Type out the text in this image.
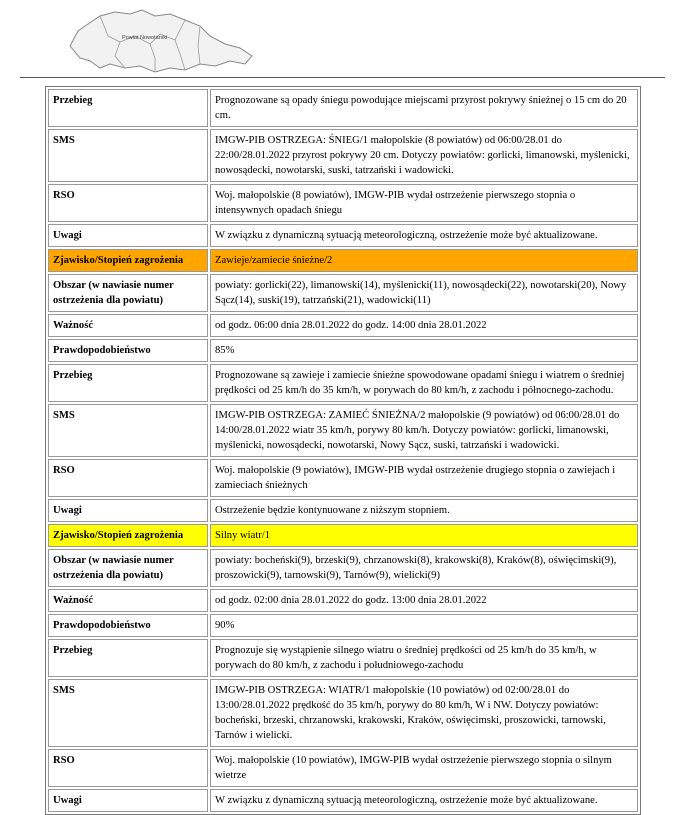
Powiat Nowotarski
Przebieg	Prognozowane są opady śniegu powodujące miejscami przyrost pokrywy śnieżnej o 15 cm do 20 cm.
SMS	IMGW-PIB OSTRZEGA: ŚNIEG/1 małopolskie (8 powiatów) od 06:00/28.01 do 22:00/28.01.2022 przyrost pokrywy 20 cm. Dotyczy powiatów: gorlicki, limanowski, myślenicki, nowosądecki, nowotarski, suski, tatrzański i wadowicki.
RSO	Woj. małopolskie (8 powiatów), IMGW-PIB wydał ostrzeżenie pierwszego stopnia o intensywnych opadach śniegu
Uwagi	W związku z dynamiczną sytuacją meteorologiczną, ostrzeżenie może być aktualizowane.
Zjawisko/Stopień zagrożenia	Zawieje/zamiecie śnieżne/2
Obszar (w nawiasie numer ostrzeżenia dla powiatu)	powiaty: gorlicki(22), limanowski(14), myślenicki(11), nowosądecki(22), nowotarski(20), Nowy Sącz(14), suski(19), tatrzański(21), wadowicki(11)
Ważność	od godz. 06:00 dnia 28.01.2022 do godz. 14:00 dnia 28.01.2022
Prawdopodobieństwo	85%
Przebieg	Prognozowane są zawieje i zamiecie śnieżne spowodowane opadami śniegu i wiatrem o średniej prędkości od 25 km/h do 35 km/h, w porywach do 80 km/h, z zachodu i północnego-zachodu.
SMS	IMGW-PIB OSTRZEGA: ZAMIEĆ ŚNIEŻNA/2 małopolskie (9 powiatów) od 06:00/28.01 do 14:00/28.01.2022 wiatr 35 km/h, porywy 80 km/h. Dotyczy powiatów: gorlicki, limanowski, myślenicki, nowosądecki, nowotarski, Nowy Sącz, suski, tatrzański i wadowicki.
RSO	Woj. małopolskie (9 powiatów), IMGW-PIB wydał ostrzeżenie drugiego stopnia o zawiejach i zamieciach śnieżnych
Uwagi	Ostrzeżenie będzie kontynuowane z niższym stopniem.
Zjawisko/Stopień zagrożenia	Silny wiatr/1
Obszar (w nawiasie numer ostrzeżenia dla powiatu)	powiaty: bocheński(9), brzeski(9), chrzanowski(8), krakowski(8), Kraków(8), oświęcimski(9), proszowicki(9), tarnowski(9), Tarnów(9), wielicki(9)
Ważność	od godz. 02:00 dnia 28.01.2022 do godz. 13:00 dnia 28.01.2022
Prawdopodobieństwo	90%
Przebieg	Prognozuje się wystąpienie silnego wiatru o średniej prędkości od 25 km/h do 35 km/h, w porywach do 80 km/h, z zachodu i południowego-zachodu
SMS	IMGW-PIB OSTRZEGA: WIATR/1 małopolskie (10 powiatów) od 02:00/28.01 do 13:00/28.01.2022 prędkość do 35 km/h, porywy do 80 km/h, W i NW. Dotyczy powiatów: bocheński, brzeski, chrzanowski, krakowski, Kraków, oświęcimski, proszowicki, tarnowski, Tarnów i wielicki.
RSO	Woj. małopolskie (10 powiatów), IMGW-PIB wydał ostrzeżenie pierwszego stopnia o silnym wietrze
Uwagi	W związku z dynamiczną sytuacją meteorologiczną, ostrzeżenie może być aktualizowane.
